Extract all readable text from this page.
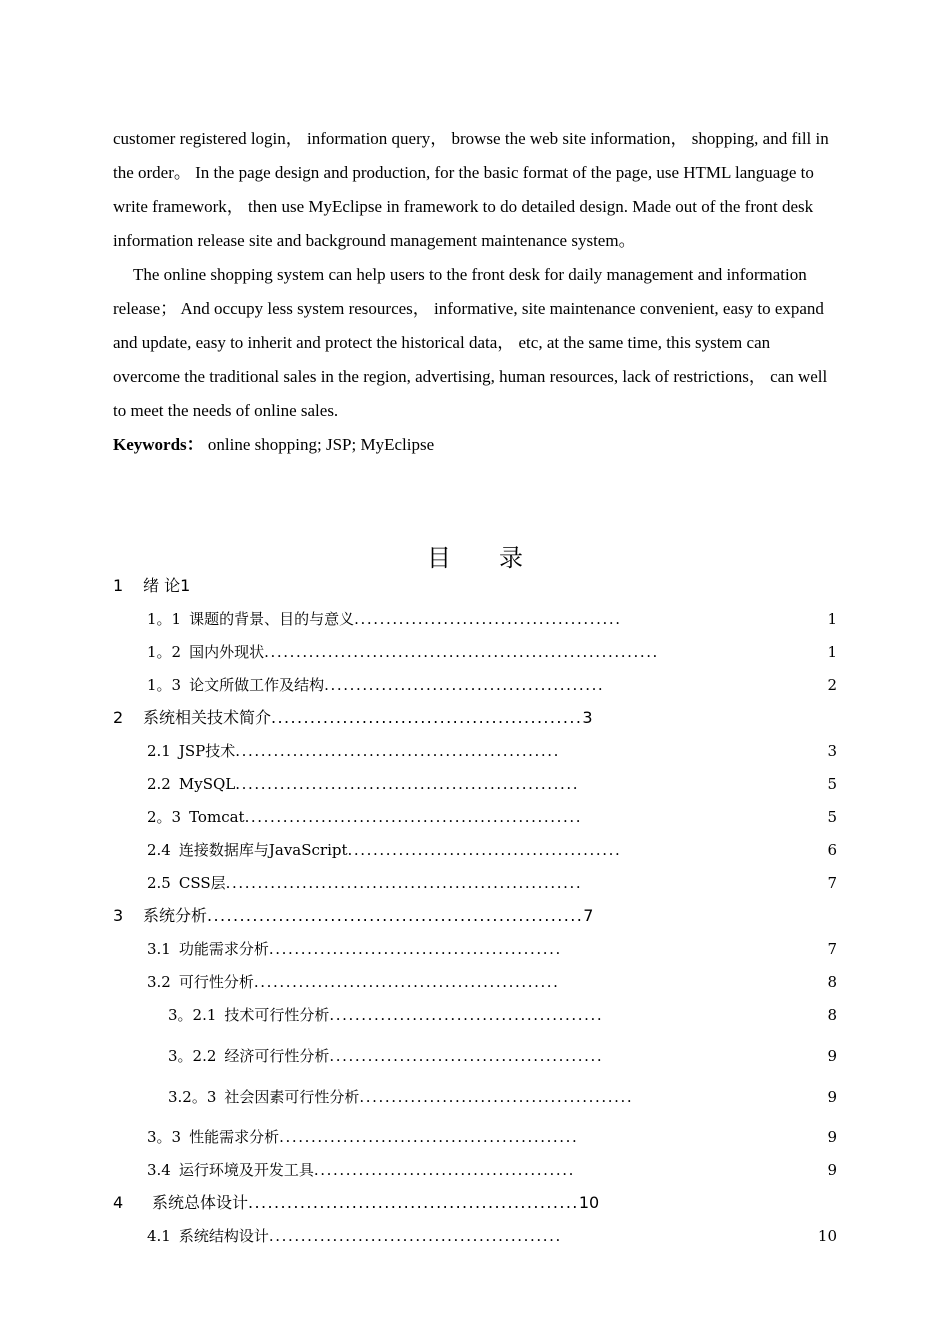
customer registered login， information query， browse the web site information， shopping, and fill in the order。 In the page design and production, for the basic format of the page, use HTML language to write framework， then use MyEclipse in framework to do detailed design. Made out of the front desk information release site and background management maintenance system。

The online shopping system can help users to the front desk for daily management and information release； And occupy less system resources， informative, site maintenance convenient, easy to expand and update, easy to inherit and protect the historical data， etc, at the same time, this system can overcome the traditional sales in the region, advertising, human resources, lack of restrictions， can well to meet the needs of online sales.

Keywords： online shopping; JSP; MyEclipse

目录
1	绪 论1
1。1 课题的背景、目的与意义 ..........................................	1
1。2 国内外现状 ..............................................................	1
1。3 论文所做工作及结构 ............................................	2
2	系统相关技术简介 ................................................ 3
2.1 JSP技术 ...................................................	3
2.2 MySQL ......................................................	5
2。3 Tomcat .....................................................	5
2.4 连接数据库与JavaScript ...........................................	6
2.5 CSS层 ........................................................	7
3	系统分析 .......................................................... 7
3.1 功能需求分析 ..............................................	7
3.2 可行性分析 ................................................	8
3。2.1 技术可行性分析 ...........................................	8
3。2.2 经济可行性分析 ...........................................	9
3.2。3 社会因素可行性分析 ...........................................	9
3。3 性能需求分析 ...............................................	9
3.4 运行环境及开发工具 .........................................	9
4	系统总体设计 ................................................... 10
4.1 系统结构设计 ..............................................	10
